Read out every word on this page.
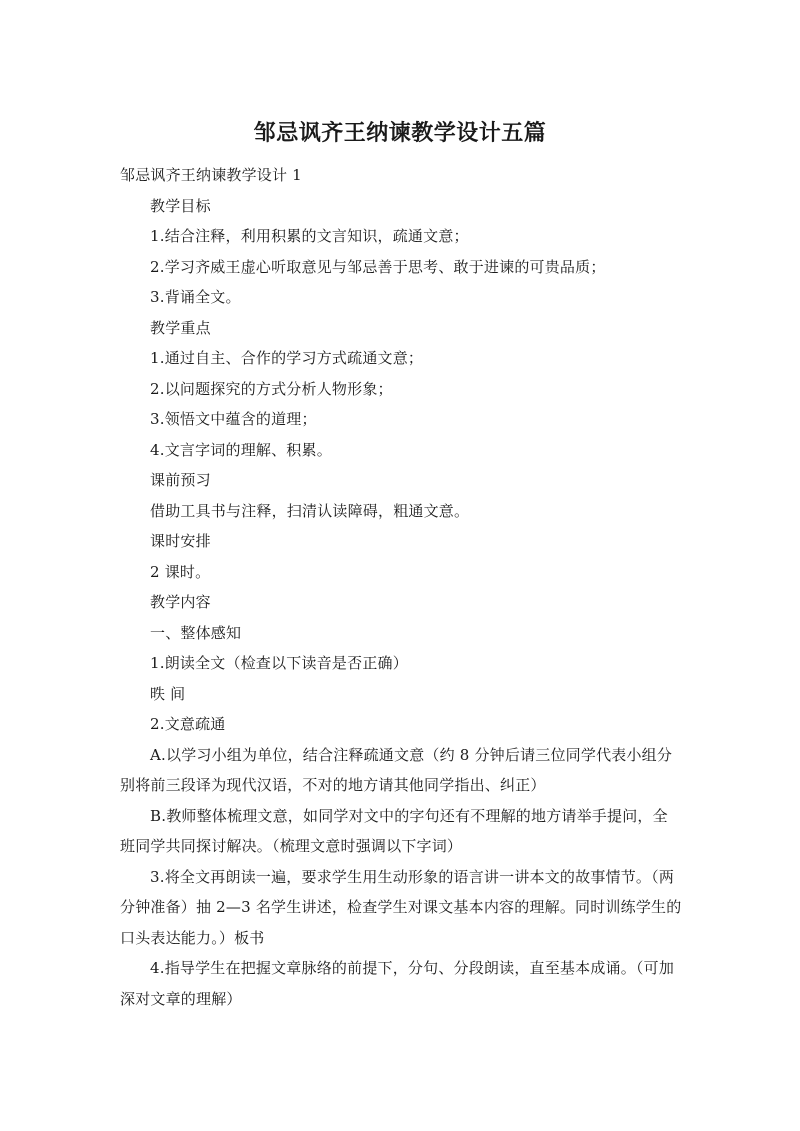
邹忌讽齐王纳谏教学设计五篇

邹忌讽齐王纳谏教学设计 1

教学目标

1.结合注释，利用积累的文言知识，疏通文意；

2.学习齐威王虚心听取意见与邹忌善于思考、敢于进谏的可贵品质；

3.背诵全文。

教学重点

1.通过自主、合作的学习方式疏通文意；

2.以问题探究的方式分析人物形象；

3.领悟文中蕴含的道理；

4.文言字词的理解、积累。

课前预习

借助工具书与注释，扫清认读障碍，粗通文意。

课时安排

2 课时。

教学内容

一、整体感知

1.朗读全文（检查以下读音是否正确）

昳 间

2.文意疏通

A.以学习小组为单位，结合注释疏通文意（约 8 分钟后请三位同学代表小组分别将前三段译为现代汉语，不对的地方请其他同学指出、纠正）

B.教师整体梳理文意，如同学对文中的字句还有不理解的地方请举手提问，全班同学共同探讨解决。（梳理文意时强调以下字词）

3.将全文再朗读一遍，要求学生用生动形象的语言讲一讲本文的故事情节。（两分钟准备）抽 2—3 名学生讲述，检查学生对课文基本内容的理解。同时训练学生的口头表达能力。）板书

4.指导学生在把握文章脉络的前提下，分句、分段朗读，直至基本成诵。（可加深对文章的理解）
